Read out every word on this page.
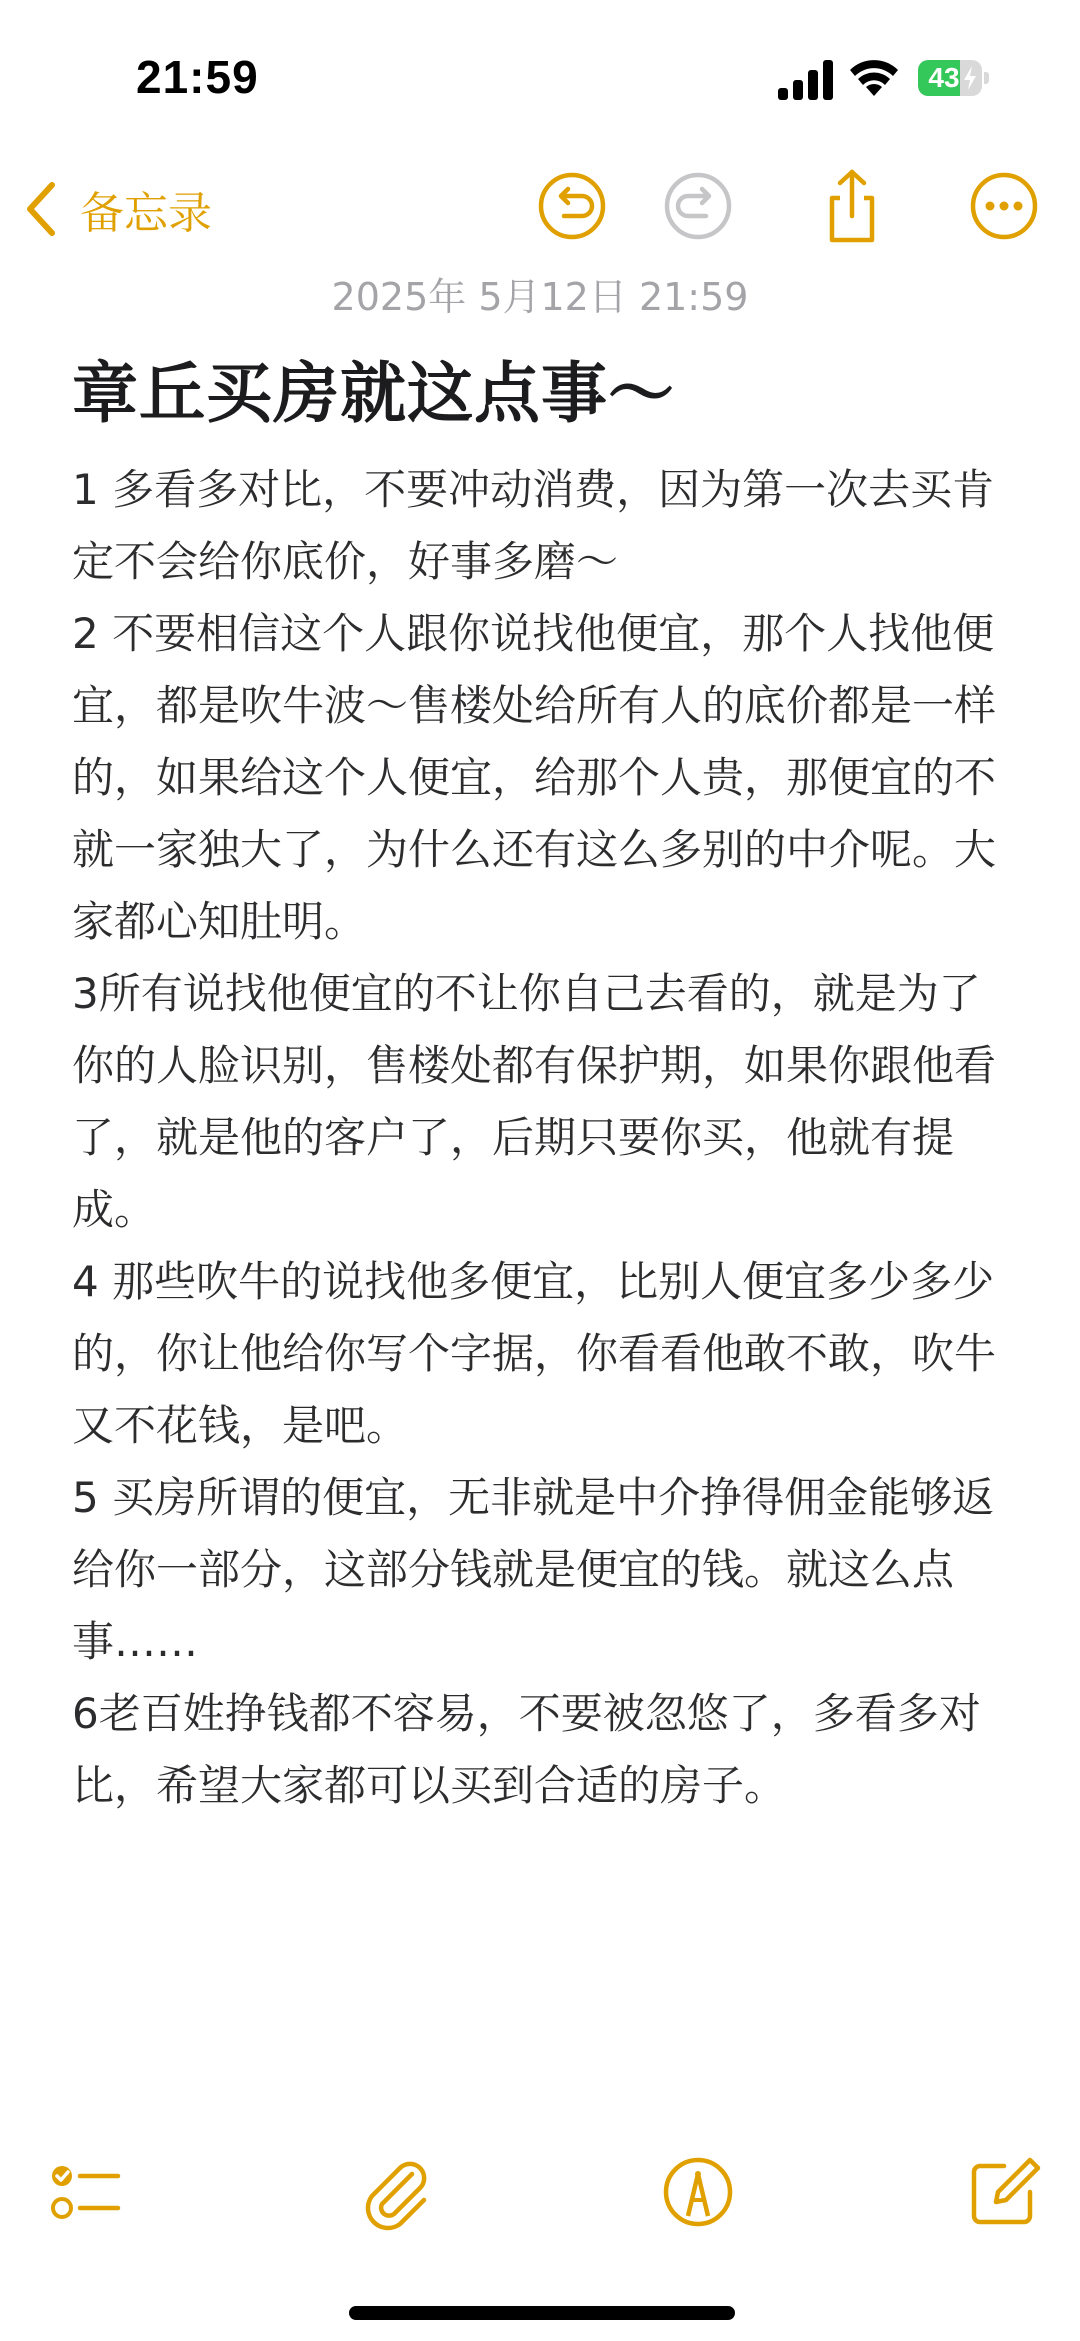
21:59	43
备忘录
2025年 5月12日 21:59
章丘买房就这点事～

1 多看多对比，不要冲动消费，因为第一次去买肯定不会给你底价，好事多磨～

2 不要相信这个人跟你说找他便宜，那个人找他便宜，都是吹牛波～售楼处给所有人的底价都是一样的，如果给这个人便宜，给那个人贵，那便宜的不就一家独大了，为什么还有这么多别的中介呢。大家都心知肚明。

3所有说找他便宜的不让你自己去看的，就是为了你的人脸识别，售楼处都有保护期，如果你跟他看了，就是他的客户了，后期只要你买，他就有提成。

4 那些吹牛的说找他多便宜，比别人便宜多少多少的，你让他给你写个字据，你看看他敢不敢，吹牛又不花钱，是吧。

5 买房所谓的便宜，无非就是中介挣得佣金能够返给你一部分，这部分钱就是便宜的钱。就这么点事……

6老百姓挣钱都不容易，不要被忽悠了，多看多对比，希望大家都可以买到合适的房子。
